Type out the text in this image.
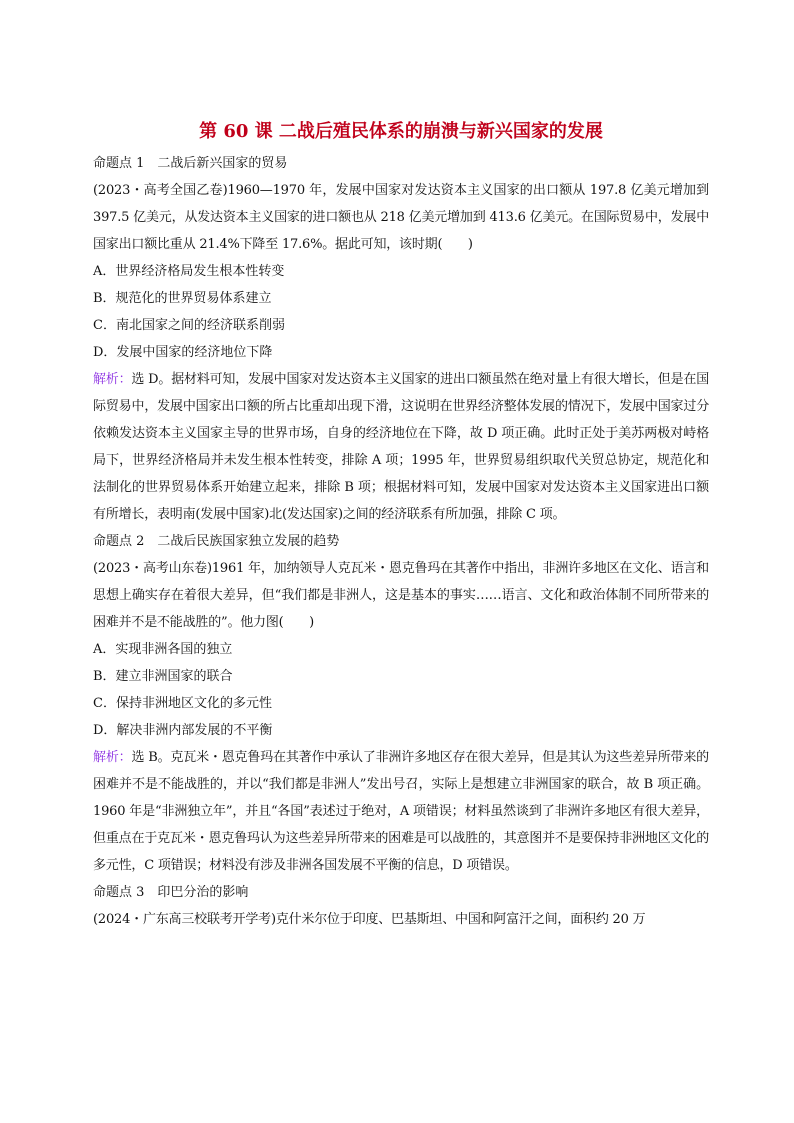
第 60 课 二战后殖民体系的崩溃与新兴国家的发展

命题点 1　二战后新兴国家的贸易

(2023・高考全国乙卷)1960—1970 年，发展中国家对发达资本主义国家的出口额从 197.8 亿美元增加到 397.5 亿美元，从发达资本主义国家的进口额也从 218 亿美元增加到 413.6 亿美元。在国际贸易中，发展中国家出口额比重从 21.4%下降至 17.6%。据此可知，该时期(　　)

A．世界经济格局发生根本性转变

B．规范化的世界贸易体系建立

C．南北国家之间的经济联系削弱

D．发展中国家的经济地位下降

解析：选 D。据材料可知，发展中国家对发达资本主义国家的进出口额虽然在绝对量上有很大增长，但是在国际贸易中，发展中国家出口额的所占比重却出现下滑，这说明在世界经济整体发展的情况下，发展中国家过分依赖发达资本主义国家主导的世界市场，自身的经济地位在下降，故 D 项正确。此时正处于美苏两极对峙格局下，世界经济格局并未发生根本性转变，排除 A 项；1995 年，世界贸易组织取代关贸总协定，规范化和法制化的世界贸易体系开始建立起来，排除 B 项；根据材料可知，发展中国家对发达资本主义国家进出口额有所增长，表明南(发展中国家)北(发达国家)之间的经济联系有所加强，排除 C 项。

命题点 2　二战后民族国家独立发展的趋势

(2023・高考山东卷)1961 年，加纳领导人克瓦米・恩克鲁玛在其著作中指出，非洲许多地区在文化、语言和思想上确实存在着很大差异，但“我们都是非洲人，这是基本的事实……语言、文化和政治体制不同所带来的困难并不是不能战胜的”。他力图(　　)

A．实现非洲各国的独立

B．建立非洲国家的联合

C．保持非洲地区文化的多元性

D．解决非洲内部发展的不平衡

解析：选 B。克瓦米・恩克鲁玛在其著作中承认了非洲许多地区存在很大差异，但是其认为这些差异所带来的困难并不是不能战胜的，并以“我们都是非洲人”发出号召，实际上是想建立非洲国家的联合，故 B 项正确。1960 年是“非洲独立年”，并且“各国”表述过于绝对，A 项错误；材料虽然谈到了非洲许多地区有很大差异，但重点在于克瓦米・恩克鲁玛认为这些差异所带来的困难是可以战胜的，其意图并不是要保持非洲地区文化的多元性，C 项错误；材料没有涉及非洲各国发展不平衡的信息，D 项错误。

命题点 3　印巴分治的影响

(2024・广东高三校联考开学考)克什米尔位于印度、巴基斯坦、中国和阿富汗之间，面积约 20 万
